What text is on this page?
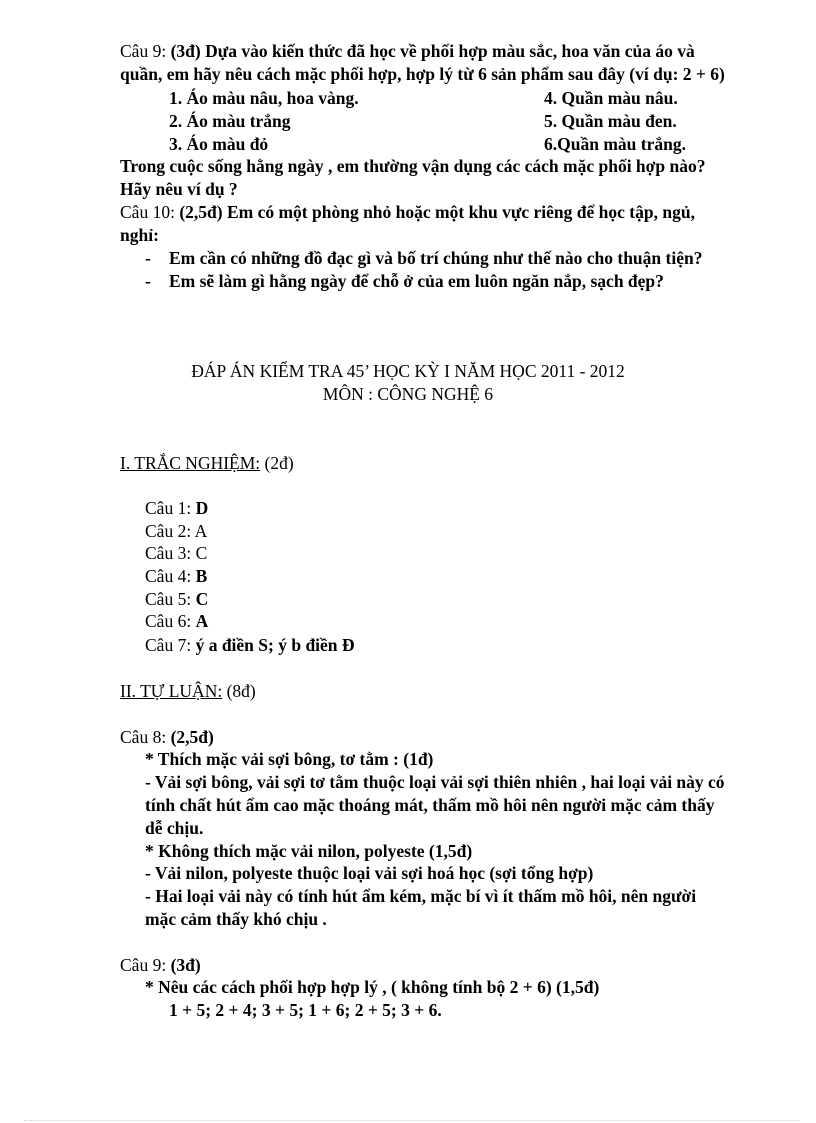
Câu 9: (3đ) Dựa vào kiến thức đã học về phối hợp màu sắc, hoa văn của áo và
quần, em hãy nêu cách mặc phối hợp, hợp lý từ 6 sản phẩm sau đây (ví dụ: 2 + 6)
1. Áo màu nâu, hoa vàng.	4. Quần màu nâu.
2. Áo màu trắng	5. Quần màu đen.
3. Áo màu đỏ	6.Quần màu trắng.
Trong cuộc sống hằng ngày , em thường vận dụng các cách mặc phối hợp nào?
Hãy nêu ví dụ ?
Câu 10: (2,5đ) Em có một phòng nhỏ hoặc một khu vực riêng để học tập, ngủ,
nghỉ:
- Em cần có những đồ đạc gì và bố trí chúng như thế nào cho thuận tiện?
- Em sẽ làm gì hằng ngày để chỗ ở của em luôn ngăn nắp, sạch đẹp?
ĐÁP ÁN KIỂM TRA 45’ HỌC KỲ I NĂM HỌC 2011 - 2012
MÔN : CÔNG NGHỆ 6
I. TRẮC NGHIỆM: (2đ)
Câu 1: D
Câu 2: A
Câu 3: C
Câu 4: B
Câu 5: C
Câu 6: A
Câu 7: ý a điền S; ý b điền Đ
II. TỰ LUẬN: (8đ)
Câu 8: (2,5đ)
* Thích mặc vải sợi bông, tơ tằm : (1đ)
- Vải sợi bông, vải sợi tơ tằm thuộc loại vải sợi thiên nhiên , hai loại vải này có
tính chất hút ẩm cao mặc thoáng mát, thấm mồ hôi nên người mặc cảm thấy
dễ chịu.
* Không thích mặc vải nilon, polyeste (1,5đ)
- Vải nilon, polyeste thuộc loại vải sợi hoá học (sợi tổng hợp)
- Hai loại vải này có tính hút ẩm kém, mặc bí vì ít thấm mồ hôi, nên người
mặc cảm thấy khó chịu .
Câu 9: (3đ)
* Nêu các cách phối hợp hợp lý , ( không tính bộ 2 + 6) (1,5đ)
1 + 5; 2 + 4; 3 + 5; 1 + 6; 2 + 5; 3 + 6.
